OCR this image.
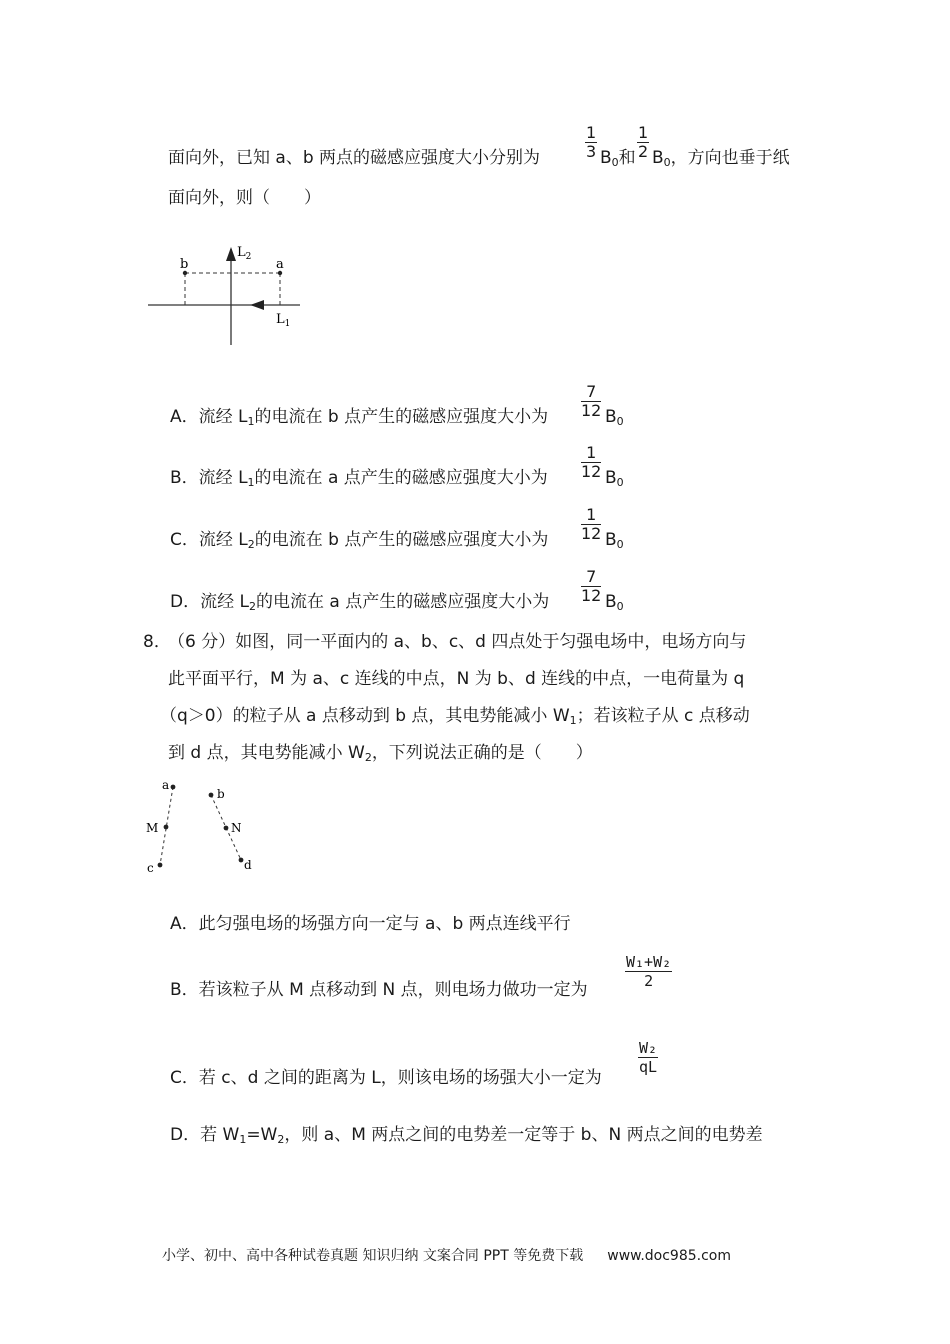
面向外，已知 a、b 两点的磁感应强度大小分别为	$\frac{1}{3} B_0$和 $\frac{1}{2} B_0$，方向也垂于纸
面向外，则（　　）
b	a
$L_2$
$L_1$
A．流经 $L_1$的电流在 b 点产生的磁感应强度大小为 $\frac{7}{12} B_0$
B．流经 $L_1$的电流在 a 点产生的磁感应强度大小为 $\frac{1}{12} B_0$
C．流经 $L_2$的电流在 b 点产生的磁感应强度大小为 $\frac{1}{12} B_0$
D．流经 $L_2$的电流在 a 点产生的磁感应强度大小为 $\frac{7}{12} B_0$
8．
（6 分）如图，同一平面内的 a、b、c、d 四点处于匀强电场中，电场方向与
此平面平行，M 为 a、c 连线的中点，N 为 b、d 连线的中点，一电荷量为 q
（q＞0）的粒子从 a 点移动到 b 点，其电势能减小 $W_1$；若该粒子从 c 点移动
到 d 点，其电势能减小 $W_2$，下列说法正确的是（　　）
a
M
c
b
N
d
A．此匀强电场的场强方向一定与 a、b 两点连线平行
B．若该粒子从 M 点移动到 N 点，则电场力做功一定为 $\frac{\text{W₁+W₂}}{2}$
C．若 c、d 之间的距离为 L，则该电场的场强大小一定为
$\frac{\text{W₂}}{qL}$
D．若 $W_1=W_2$，则 a、M 两点之间的电势差一定等于 b、N 两点之间的电势差
小学、初中、高中各种试卷真题 知识归纳 文案合同 PPT 等免费下载 www.doc985.com
